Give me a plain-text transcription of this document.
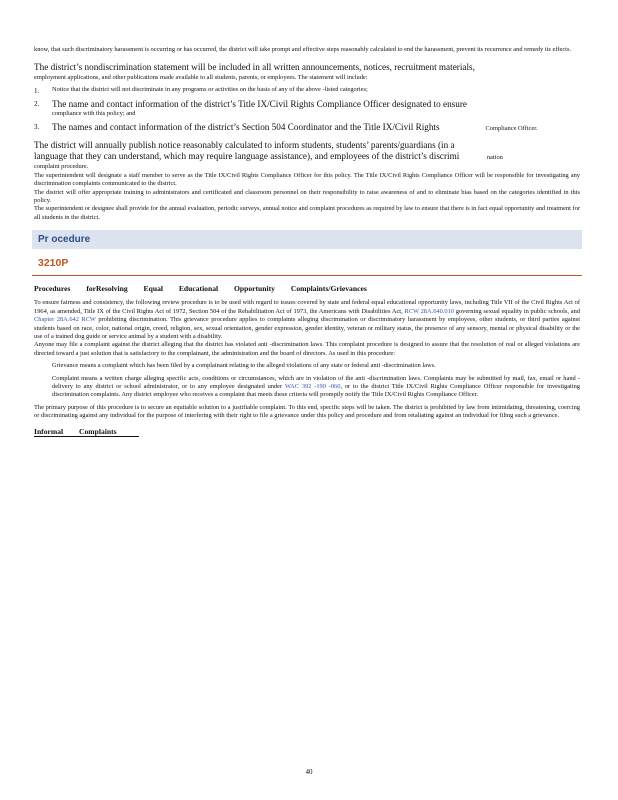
know, that such discriminatory harassment is occurring or has occurred, the district will take prompt and effective steps reasonably calculated to end the harassment, prevent its recurrence and remedy its effects.

The district’s nondiscrimination statement will be included in all written announcements, notices, recruitment materials,

employment applications, and other publications made available to all students, parents, or employees. The statement will include:

1.	Notice that the district will not discriminate in any programs or activities on the basis of any of the above -listed categories;

2.	The name and contact information of the district’s Title IX/Civil Rights Compliance Officer designated to ensure

compliance with this policy; and

3.	The names and contact information of the district’s Section 504 Coordinator and the Title IX/Civil Rights	Compliance Officer.

The district will annually publish notice reasonably calculated to inform students, students’ parents/guardians (in a

language that they can understand, which may require language assistance), and employees of the district’s discrimi	nation

complaint procedure.

The superintendent will designate a staff member to serve as the Title IX/Civil Rights Compliance Officer for this policy. The Title IX/Civil Rights Compliance Officer will be responsible for investigating any discrimination complaints communicated to the district.

The district will offer appropriate training to administrators and certificated and classroom personnel on their responsibility to raise awareness of and to eliminate bias based on the categories identified in this policy.

The superintendent or designee shall provide for the annual evaluation, periodic surveys, annual notice and complaint procedures as required by law to ensure that there is in fact equal opportunity and treatment for all students in the district.

Pr ocedure
3210P

Procedures forResolving Equal Educational Opportunity Complaints/Grievances

To ensure fairness and consistency, the following review procedure is to be used with regard to issues covered by state and federal equal educational opportunity laws, including Title VII of the Civil Rights Act of 1964, as amended, Title IX of the Civil Rights Act of 1972, Section 504 of the Rehabilitation Act of 1973, the Americans with Disabilities Act, RCW 28A.640.010 governing sexual equality in public schools, and Chapter 28A.642 RCW prohibiting discrimination. This grievance procedure applies to complaints alleging discrimination or discriminatory harassment by employees, other students, or third parties against students based on race, color, national origin, creed, religion, sex, sexual orientation, gender expression, gender identity, veteran or military status, the presence of any sensory, mental or physical disability or the use of a trained dog guide or service animal by a student with a disability.

Anyone may file a complaint against the district alleging that the district has violated anti -discrimination laws. This complaint procedure is designed to assure that the resolution of real or alleged violations are directed toward a just solution that is satisfactory to the complainant, the administration and the board of directors. As used in this procedure:

Grievance means a complaint which has been filed by a complainant relating to the alleged violations of any state or federal anti -discrimination laws.

Complaint means a written charge alleging specific acts, conditions or circumstances, which are in violation of the anti -discrimination laws. Complaints may be submitted by mail, fax, email or hand -delivery to any district or school administrator, or to any employee designated under WAC 392 -190 -060, or to the district Title IX/Civil Rights Compliance Officer responsible for investigating discrimination complaints. Any district employee who receives a complaint that meets these criteria will promptly notify the Title IX/Civil Rights Compliance Officer.

The primary purpose of this procedure is to secure an equitable solution to a justifiable complaint. To this end, specific steps will be taken. The district is prohibited by law from intimidating, threatening, coercing or discriminating against any individual for the purpose of interfering with their right to file a grievance under this policy and procedure and from retaliating against an individual for filing such a grievance.

Informal Complaints
40
